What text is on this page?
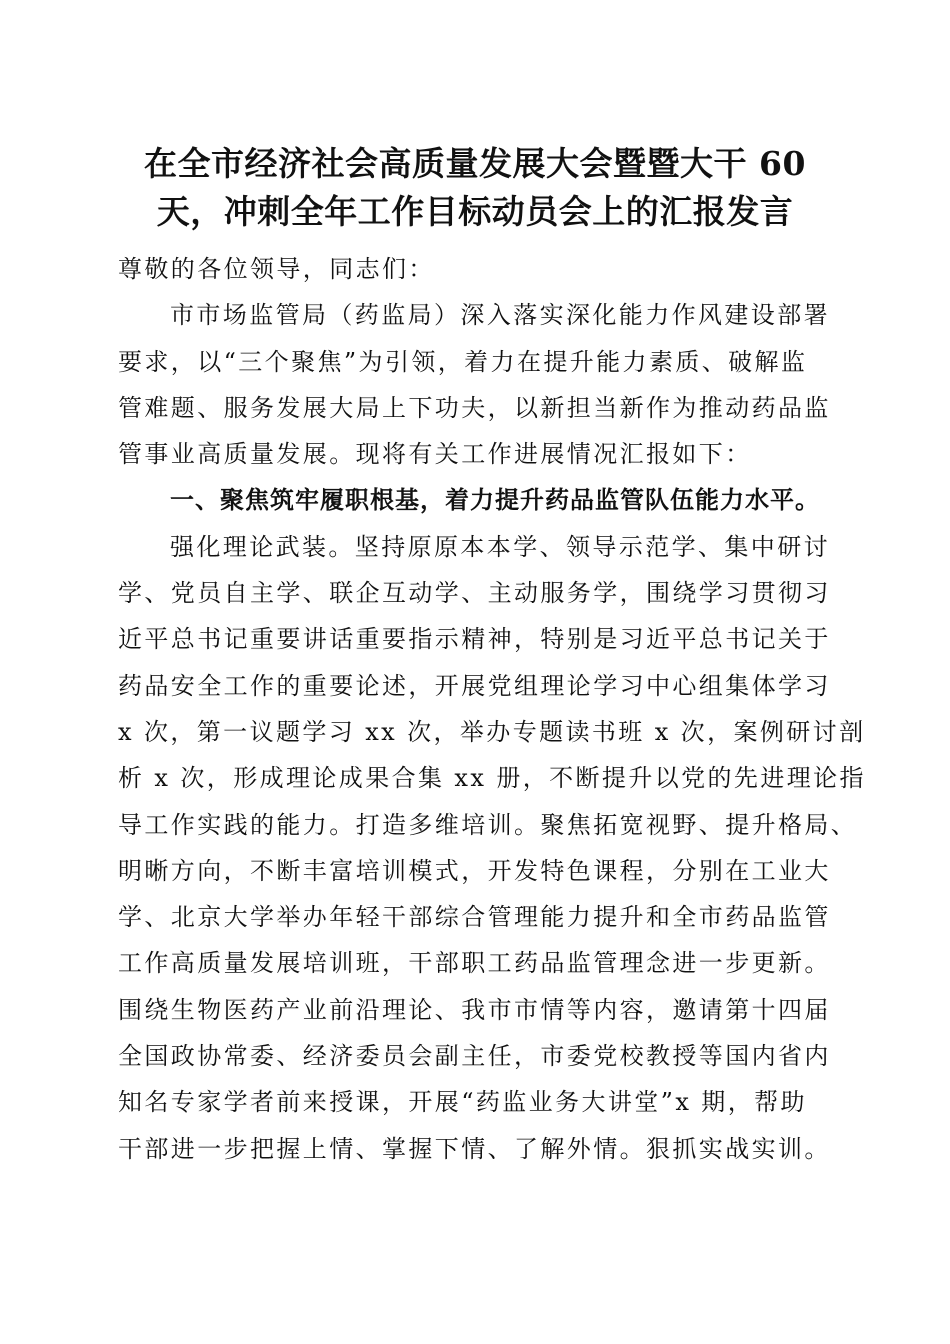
在全市经济社会高质量发展大会暨暨大干 60
天，冲刺全年工作目标动员会上的汇报发言
尊敬的各位领导，同志们：
市市场监管局（药监局）深入落实深化能力作风建设部署
要求，以“三个聚焦”为引领，着力在提升能力素质、破解监
管难题、服务发展大局上下功夫，以新担当新作为推动药品监
管事业高质量发展。现将有关工作进展情况汇报如下：
一、聚焦筑牢履职根基，着力提升药品监管队伍能力水平。
强化理论武装。坚持原原本本学、领导示范学、集中研讨
学、党员自主学、联企互动学、主动服务学，围绕学习贯彻习
近平总书记重要讲话重要指示精神，特别是习近平总书记关于
药品安全工作的重要论述，开展党组理论学习中心组集体学习
x 次，第一议题学习 xx 次，举办专题读书班 x 次，案例研讨剖
析 x 次，形成理论成果合集 xx 册，不断提升以党的先进理论指
导工作实践的能力。打造多维培训。聚焦拓宽视野、提升格局、
明晰方向，不断丰富培训模式，开发特色课程，分别在工业大
学、北京大学举办年轻干部综合管理能力提升和全市药品监管
工作高质量发展培训班，干部职工药品监管理念进一步更新。
围绕生物医药产业前沿理论、我市市情等内容，邀请第十四届
全国政协常委、经济委员会副主任，市委党校教授等国内省内
知名专家学者前来授课，开展“药监业务大讲堂”x 期，帮助
干部进一步把握上情、掌握下情、了解外情。狠抓实战实训。
